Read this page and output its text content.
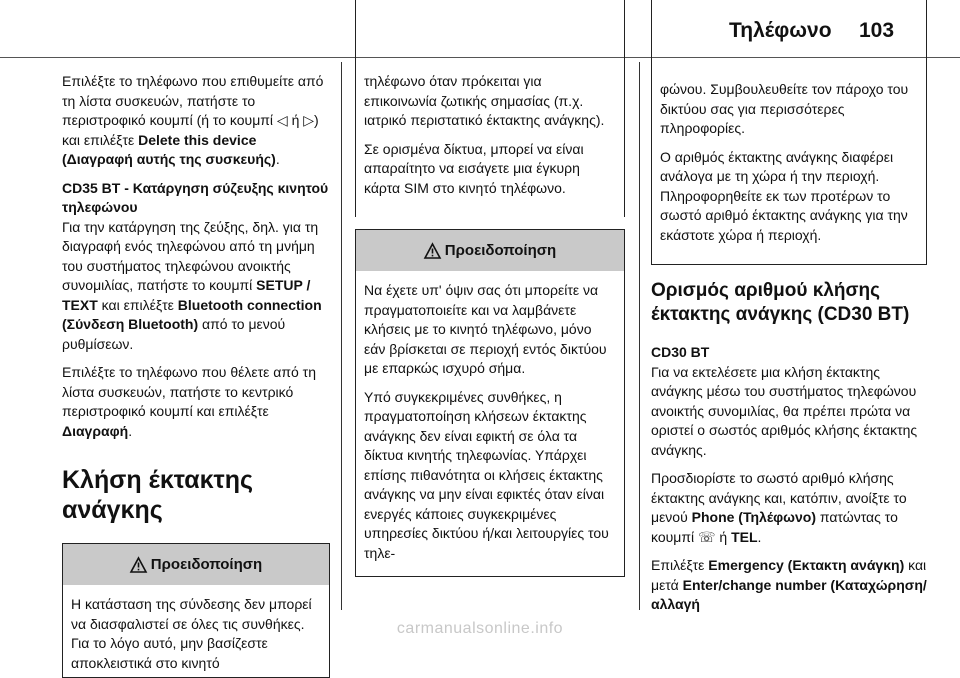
Τηλέφωνο 103

Επιλέξτε το τηλέφωνο που επιθυμείτε από τη λίστα συσκευών, πατήστε το περιστροφικό κουμπί (ή το κουμπί ◁ ή ▷) και επιλέξτε Delete this device (Διαγραφή αυτής της συσκευής).

CD35 BT - Κατάργηση σύζευξης κινητού τηλεφώνου

Για την κατάργηση της ζεύξης, δηλ. για τη διαγραφή ενός τηλεφώνου από τη μνήμη του συστήματος τηλεφώνου ανοικτής συνομιλίας, πατήστε το κουμπί SETUP / TEXT και επιλέξτε Bluetooth connection (Σύνδεση Bluetooth) από το μενού ρυθμίσεων.

Επιλέξτε το τηλέφωνο που θέλετε από τη λίστα συσκευών, πατήστε το κεντρικό περιστροφικό κουμπί και επιλέξτε Διαγραφή.

Κλήση έκτακτης ανάγκης
Προειδοποίηση
Η κατάσταση της σύνδεσης δεν μπορεί να διασφαλιστεί σε όλες τις συνθήκες. Για το λόγο αυτό, μην βασίζεστε αποκλειστικά στο κινητό

τηλέφωνο όταν πρόκειται για επικοινωνία ζωτικής σημασίας (π.χ. ιατρικό περιστατικό έκτακτης ανάγκης).

Σε ορισμένα δίκτυα, μπορεί να είναι απαραίτητο να εισάγετε μια έγκυρη κάρτα SIM στο κινητό τηλέφωνο.

Προειδοποίηση

Να έχετε υπ' όψιν σας ότι μπορείτε να πραγματοποιείτε και να λαμβάνετε κλήσεις με το κινητό τηλέφωνο, μόνο εάν βρίσκεται σε περιοχή εντός δικτύου με επαρκώς ισχυρό σήμα.

Υπό συγκεκριμένες συνθήκες, η πραγματοποίηση κλήσεων έκτακτης ανάγκης δεν είναι εφικτή σε όλα τα δίκτυα κινητής τηλεφωνίας. Υπάρχει επίσης πιθανότητα οι κλήσεις έκτακτης ανάγκης να μην είναι εφικτές όταν είναι ενεργές κάποιες συγκεκριμένες υπηρεσίες δικτύου ή/και λειτουργίες του τηλε-

φώνου. Συμβουλευθείτε τον πάροχο του δικτύου σας για περισσότερες πληροφορίες.

Ο αριθμός έκτακτης ανάγκης διαφέρει ανάλογα με τη χώρα ή την περιοχή. Πληροφορηθείτε εκ των προτέρων το σωστό αριθμό έκτακτης ανάγκης για την εκάστοτε χώρα ή περιοχή.

Ορισμός αριθμού κλήσης έκτακτης ανάγκης (CD30 BT)
CD30 BT

Για να εκτελέσετε μια κλήση έκτακτης ανάγκης μέσω του συστήματος τηλεφώνου ανοικτής συνομιλίας, θα πρέπει πρώτα να οριστεί ο σωστός αριθμός κλήσης έκτακτης ανάγκης.

Προσδιορίστε το σωστό αριθμό κλήσης έκτακτης ανάγκης και, κατόπιν, ανοίξτε το μενού Phone (Τηλέφωνο) πατώντας το κουμπί ☏ ή TEL.

Επιλέξτε Emergency (Εκτακτη ανάγκη) και μετά Enter/change number (Καταχώρηση/αλλαγή

carmanualsonline.info
